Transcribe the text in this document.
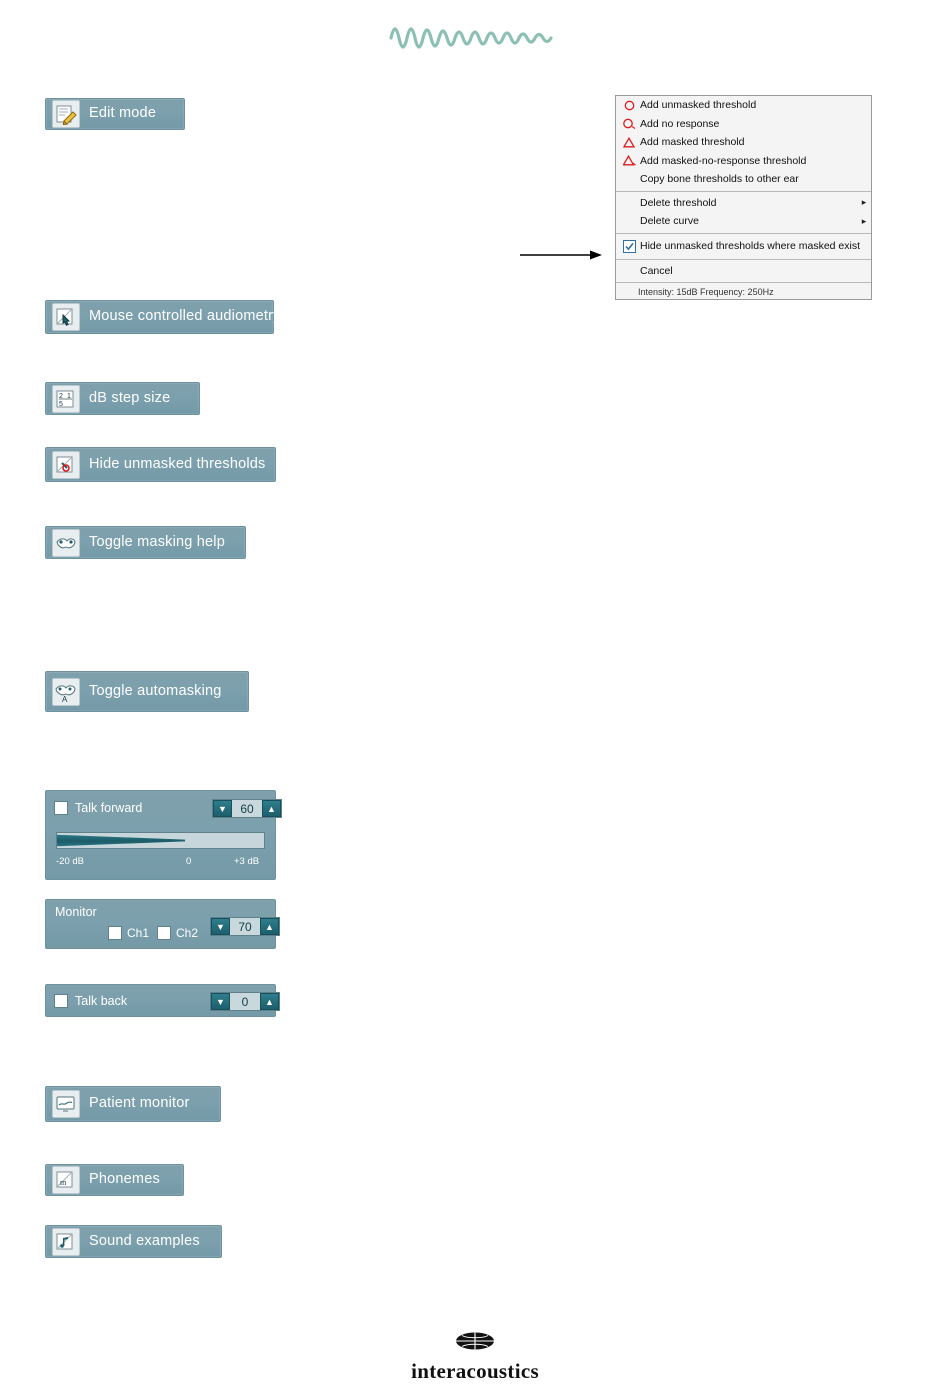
Edit mode
Mouse controlled audiometry
2 1
5 dB step size
Hide unmasked thresholds
Toggle masking help
A
Toggle automasking
Talk forward	▼	60	▲
-20 dB	0	+3 dB
Monitor
Ch1 Ch2	▼	70	▲
Talk back	▼	0	▲
Patient monitor
m Phonemes
Sound examples
Add unmasked threshold
Add no response
Add masked threshold
Add masked-no-response threshold
Copy bone thresholds to other ear
Delete threshold	▸
Delete curve	▸
Hide unmasked thresholds where masked exist
Cancel
Intensity: 15dB Frequency: 250Hz
interacoustics
